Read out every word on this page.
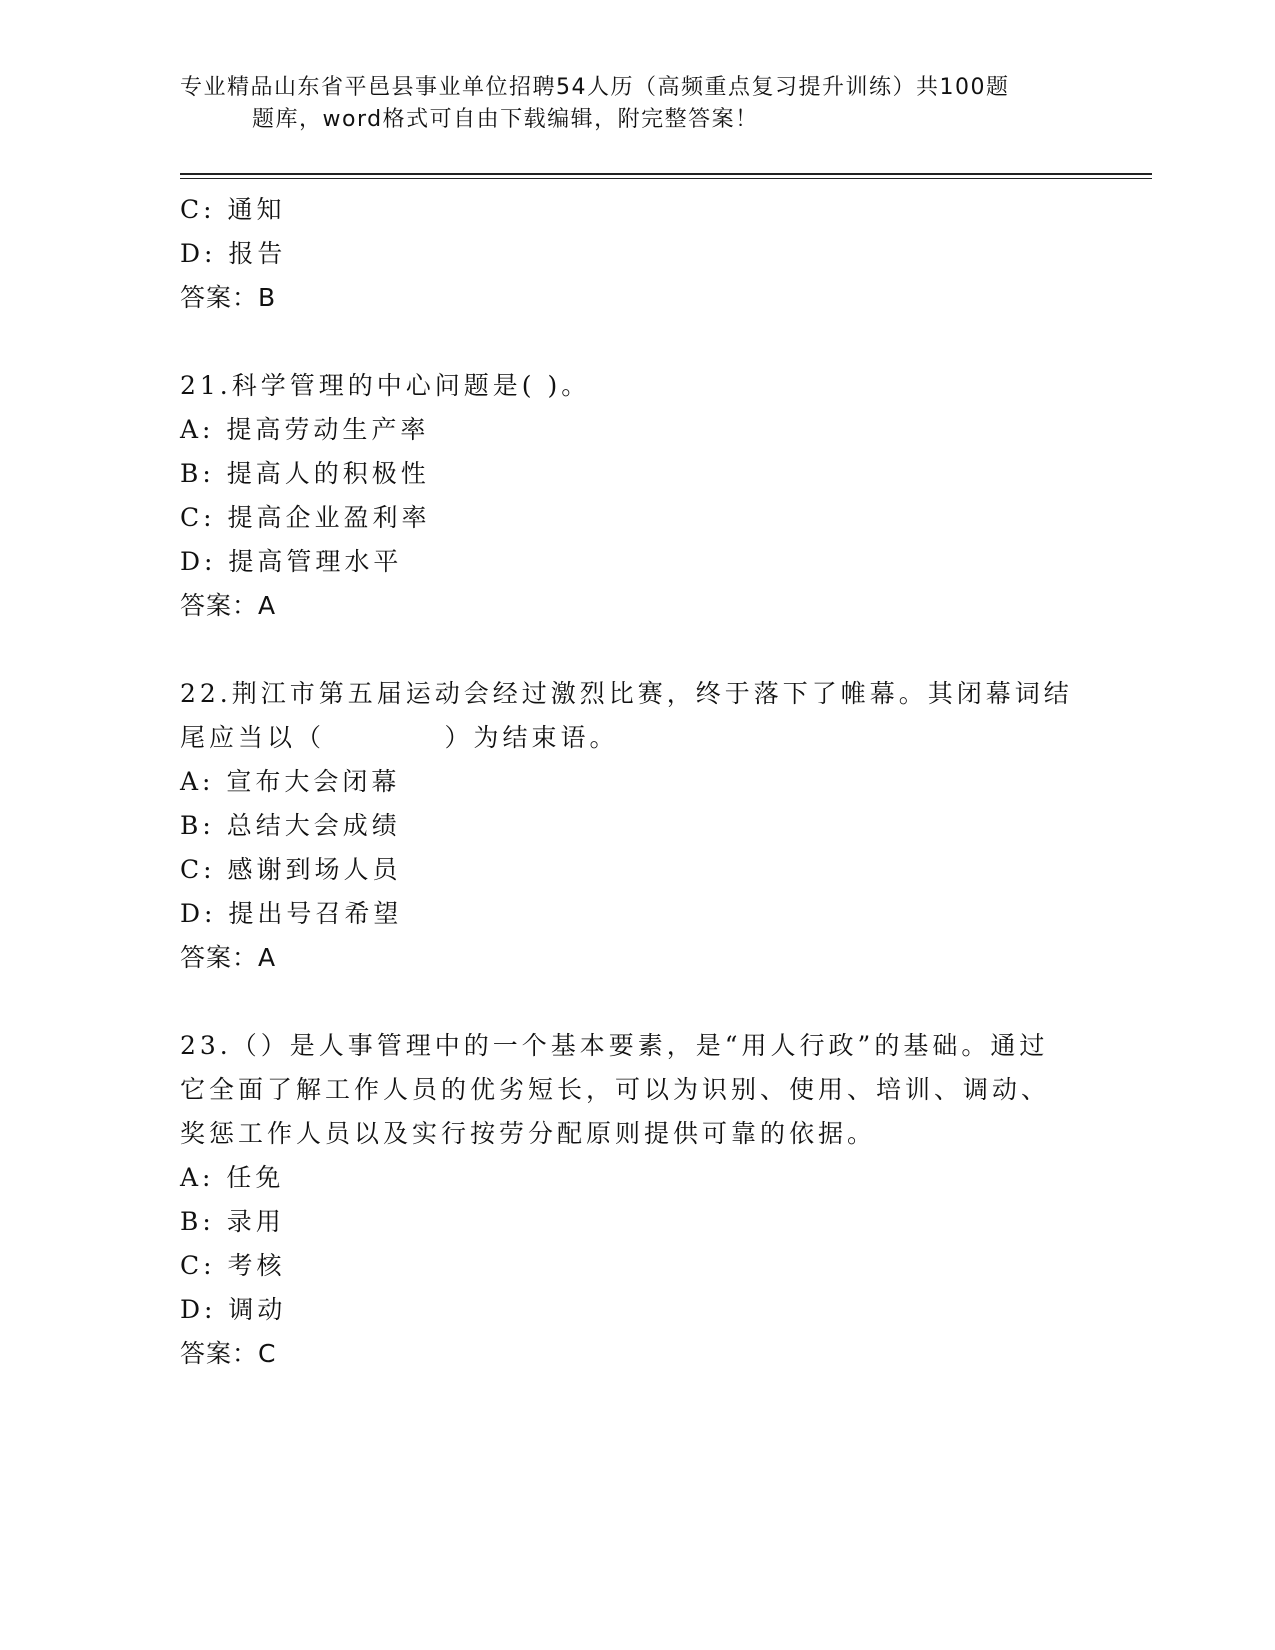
专业精品山东省平邑县事业单位招聘54人历（高频重点复习提升训练）共100题
题库，word格式可自由下载编辑，附完整答案！

C: 通知

D: 报告

答案：B

21.科学管理的中心问题是( )。

A: 提高劳动生产率

B: 提高人的积极性

C: 提高企业盈利率

D: 提高管理水平

答案：A

22.荆江市第五届运动会经过激烈比赛，终于落下了帷幕。其闭幕词结

尾应当以（          ）为结束语。

A: 宣布大会闭幕

B: 总结大会成绩

C: 感谢到场人员

D: 提出号召希望

答案：A

23.（）是人事管理中的一个基本要素，是“用人行政”的基础。通过

它全面了解工作人员的优劣短长，可以为识别、使用、培训、调动、

奖惩工作人员以及实行按劳分配原则提供可靠的依据。

A: 任免

B: 录用

C: 考核

D: 调动

答案：C
